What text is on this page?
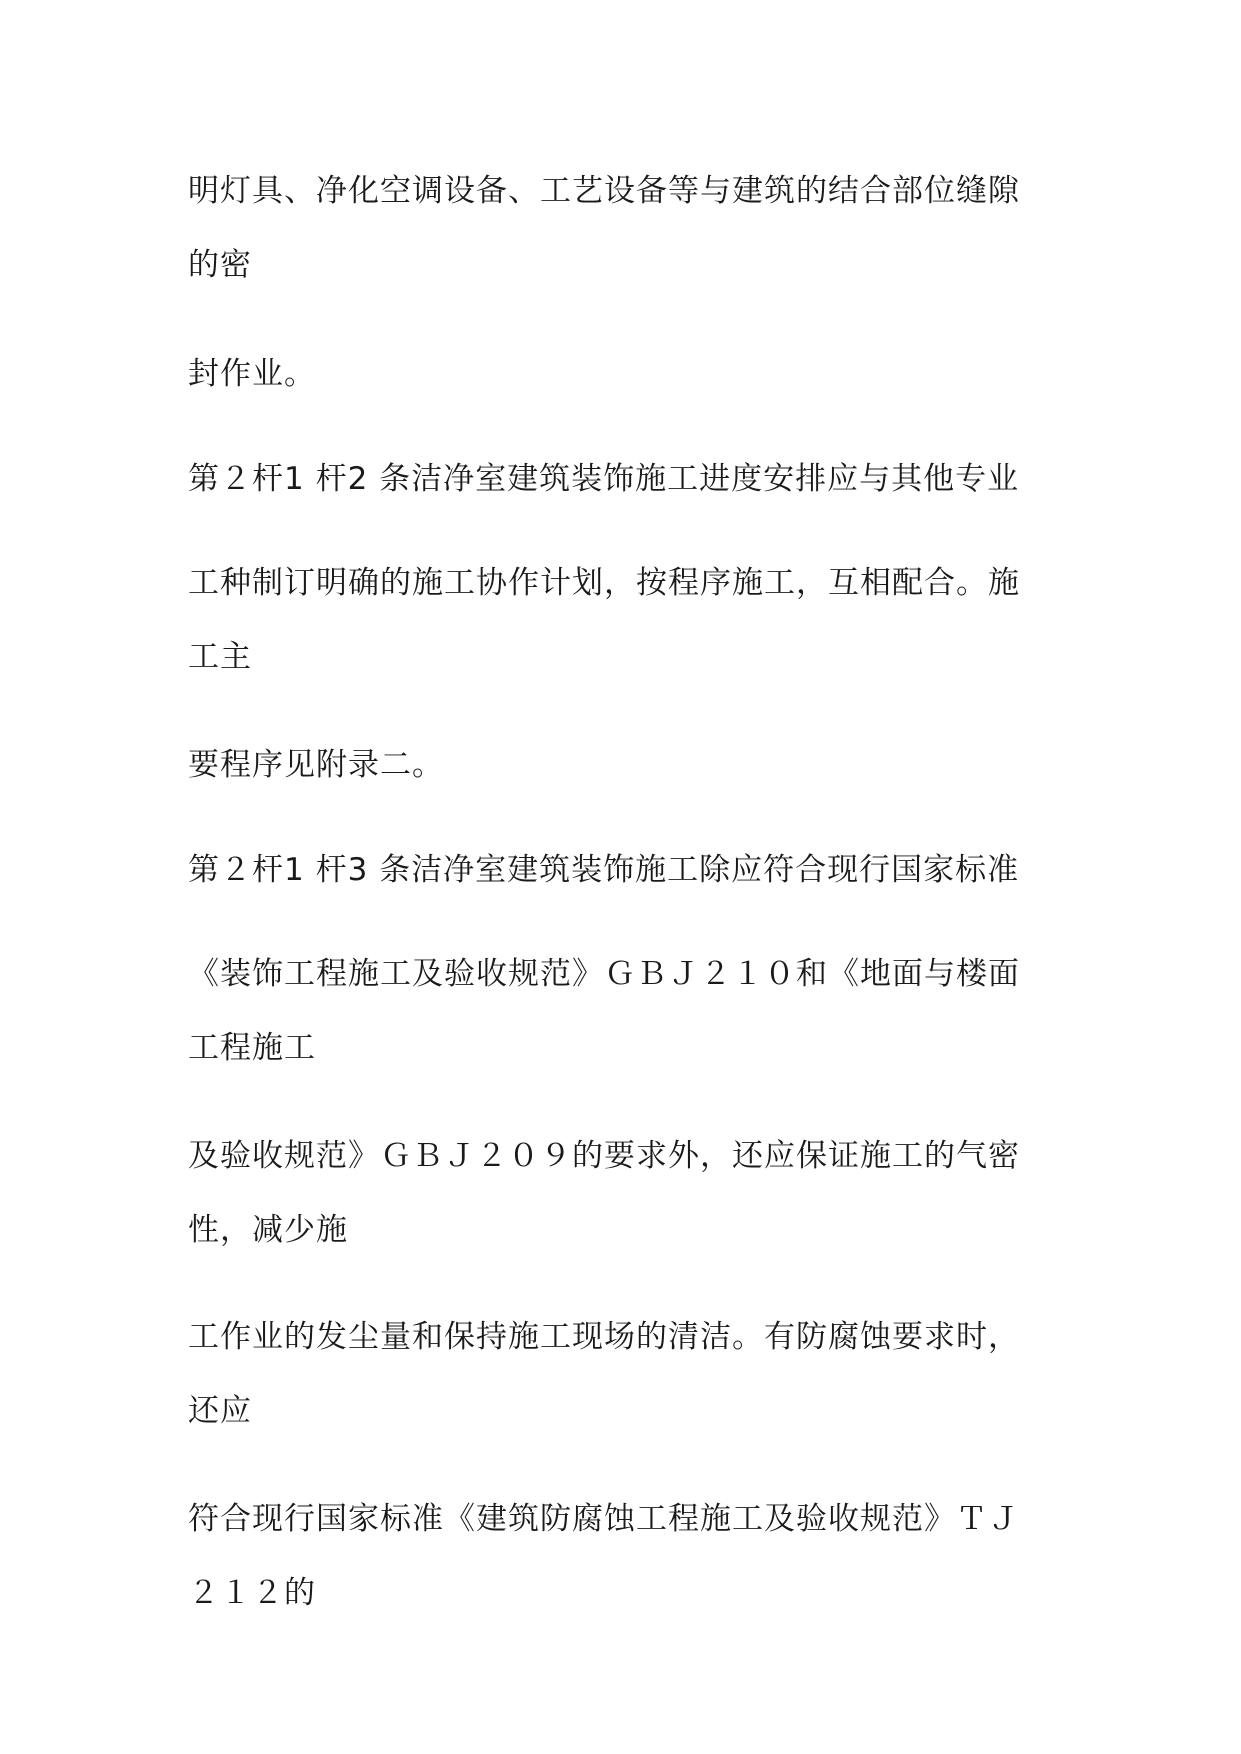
明灯具、净化空调设备、工艺设备等与建筑的结合部位缝隙
的密
封作业。
第２杆1 杆2 条洁净室建筑装饰施工进度安排应与其他专业
工种制订明确的施工协作计划，按程序施工，互相配合。施
工主
要程序见附录二。
第２杆1 杆3 条洁净室建筑装饰施工除应符合现行国家标准
《装饰工程施工及验收规范》ＧＢＪ２１０和《地面与楼面
工程施工
及验收规范》ＧＢＪ２０９的要求外，还应保证施工的气密
性，减少施
工作业的发尘量和保持施工现场的清洁。有防腐蚀要求时，
还应
符合现行国家标准《建筑防腐蚀工程施工及验收规范》ＴＪ
２１２的
